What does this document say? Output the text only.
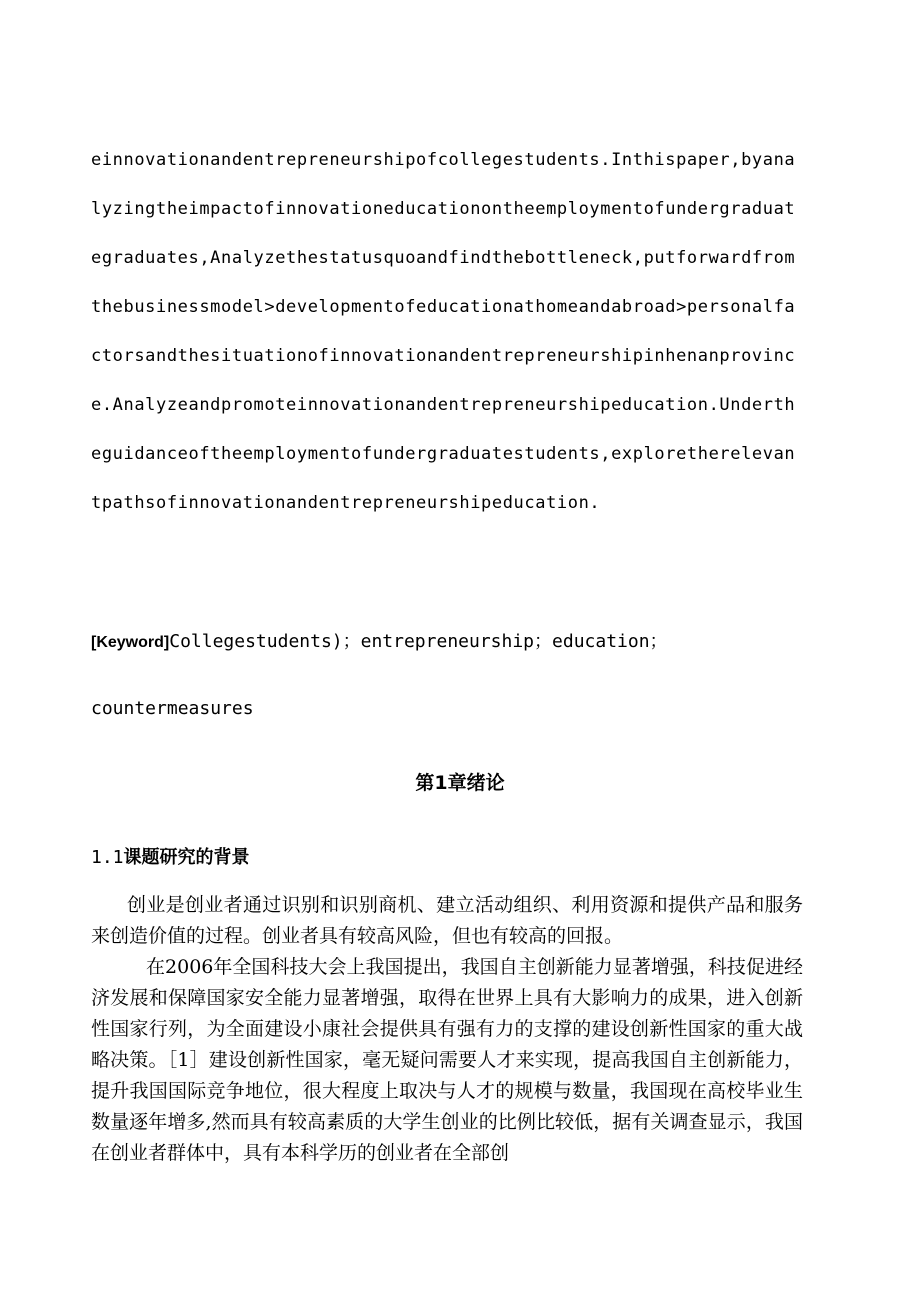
einnovationandentrepreneurshipofcollegestudents.Inthispaper,byana
lyzingtheimpactofinnovationeducationontheemploymentofundergraduat
egraduates,Analyzethestatusquoandfindthebottleneck,putforwardfrom
thebusinessmodel>developmentofeducationathomeandabroad>personalfa
ctorsandthesituationofinnovationandentrepreneurshipinhenanprovinc
e.Analyzeandpromoteinnovationandentrepreneurshipeducation.Underth
eguidanceoftheemploymentofundergraduatestudents,exploretherelevan
tpathsofinnovationandentrepreneurshipeducation.
[Keyword]Collegestudents)；entrepreneurship；education；
countermeasures
第1章绪论
1.1课题研究的背景

创业是创业者通过识别和识别商机、建立活动组织、利用资源和提供产品和服务来创造价值的过程。创业者具有较高风险，但也有较高的回报。

在2006年全国科技大会上我国提出，我国自主创新能力显著增强，科技促进经济发展和保障国家安全能力显著增强，取得在世界上具有大影响力的成果，进入创新性国家行列，为全面建设小康社会提供具有强有力的支撑的建设创新性国家的重大战略决策。［1］建设创新性国家，毫无疑问需要人才来实现，提高我国自主创新能力，提升我国国际竞争地位，很大程度上取决与人才的规模与数量，我国现在高校毕业生数量逐年增多,然而具有较高素质的大学生创业的比例比较低，据有关调查显示，我国在创业者群体中，具有本科学历的创业者在全部创
